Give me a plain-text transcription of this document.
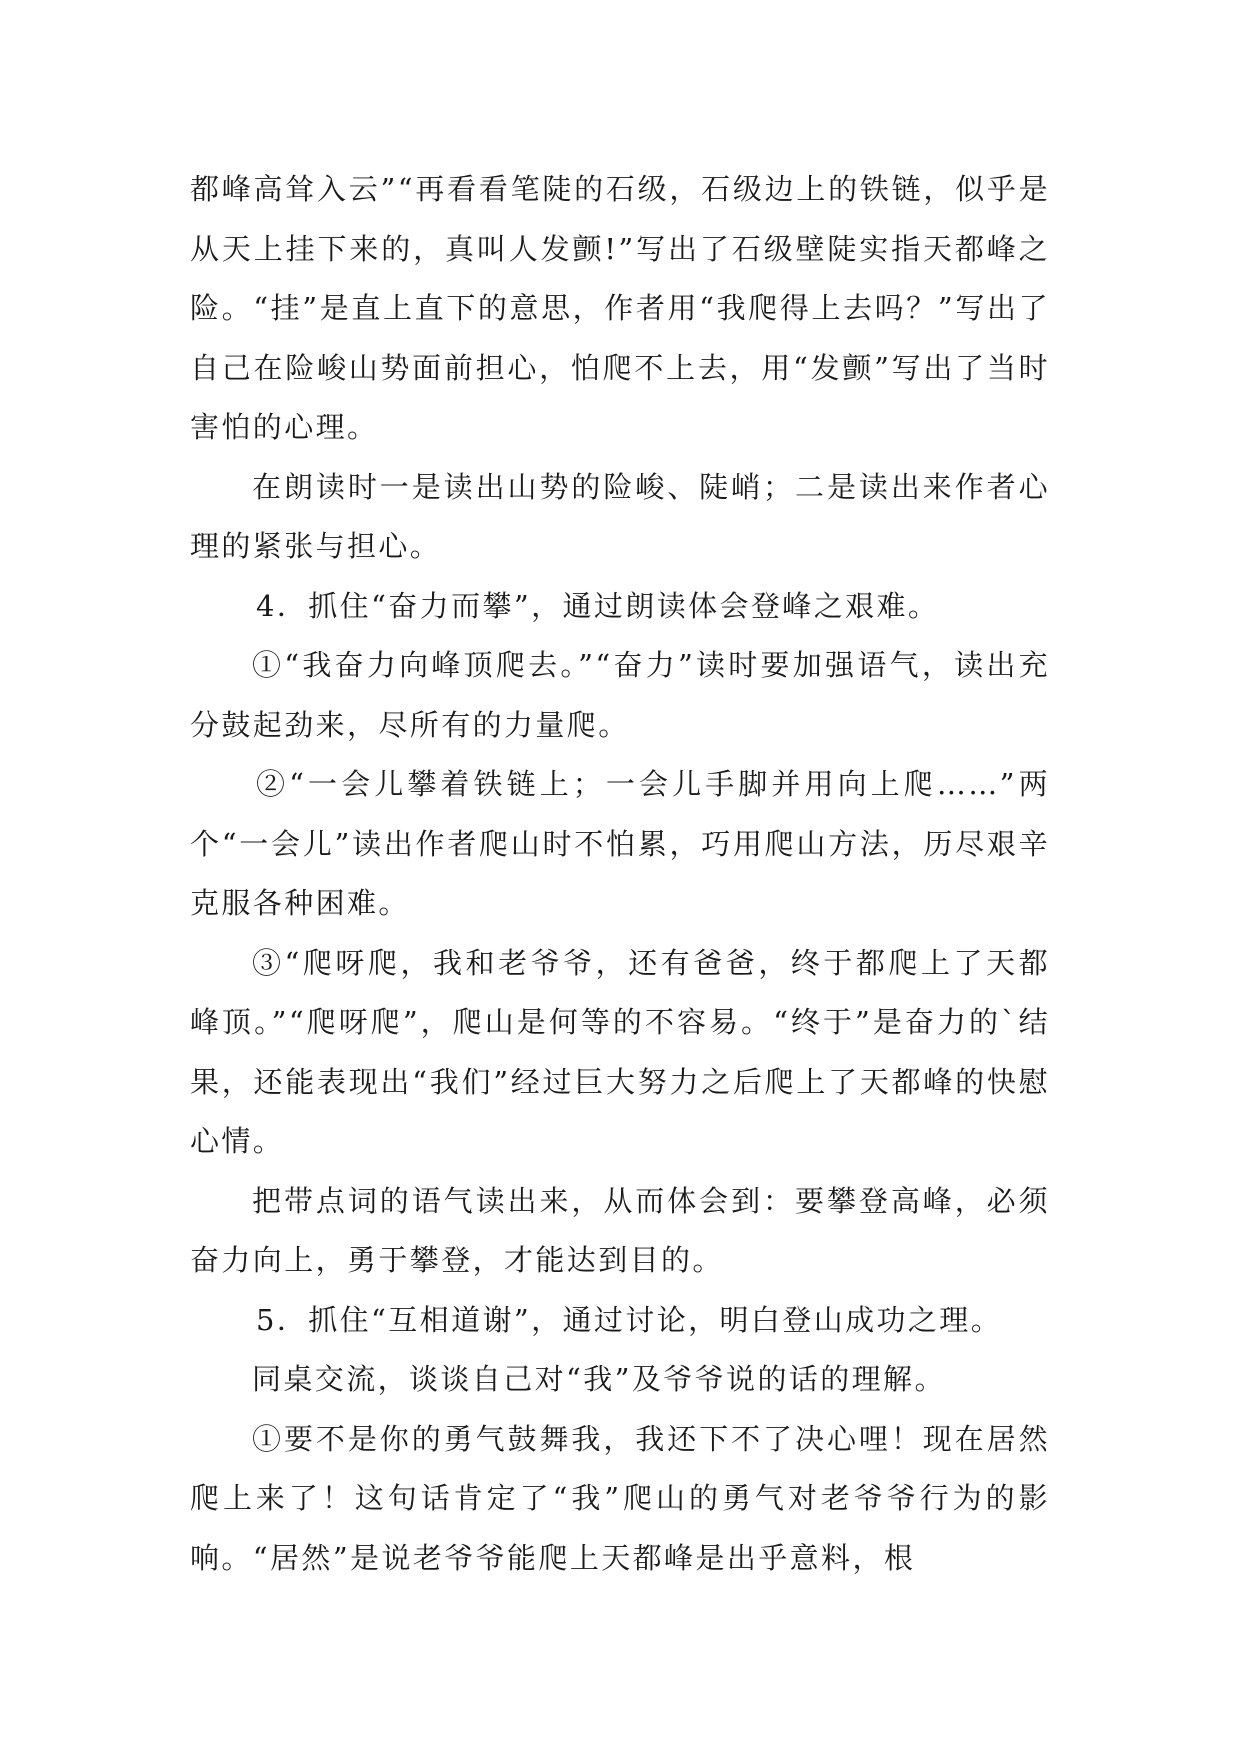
都峰高耸入云”“再看看笔陡的石级，石级边上的铁链，似乎是从天上挂下来的，真叫人发颤!”写出了石级壁陡实指天都峰之险。“挂”是直上直下的意思，作者用“我爬得上去吗？”写出了自己在险峻山势面前担心，怕爬不上去，用“发颤”写出了当时害怕的心理。

在朗读时一是读出山势的险峻、陡峭；二是读出来作者心理的紧张与担心。

4．抓住“奋力而攀”，通过朗读体会登峰之艰难。

①“我奋力向峰顶爬去。”“奋力”读时要加强语气，读出充分鼓起劲来，尽所有的力量爬。

②“一会儿攀着铁链上；一会儿手脚并用向上爬……”两个“一会儿”读出作者爬山时不怕累，巧用爬山方法，历尽艰辛克服各种困难。

③“爬呀爬，我和老爷爷，还有爸爸，终于都爬上了天都峰顶。”“爬呀爬”，爬山是何等的不容易。“终于”是奋力的`结果，还能表现出“我们”经过巨大努力之后爬上了天都峰的快慰心情。

把带点词的语气读出来，从而体会到：要攀登高峰，必须奋力向上，勇于攀登，才能达到目的。

5．抓住“互相道谢”，通过讨论，明白登山成功之理。

同桌交流，谈谈自己对“我”及爷爷说的话的理解。

①要不是你的勇气鼓舞我，我还下不了决心哩！现在居然爬上来了！这句话肯定了“我”爬山的勇气对老爷爷行为的影响。“居然”是说老爷爷能爬上天都峰是出乎意料，根
